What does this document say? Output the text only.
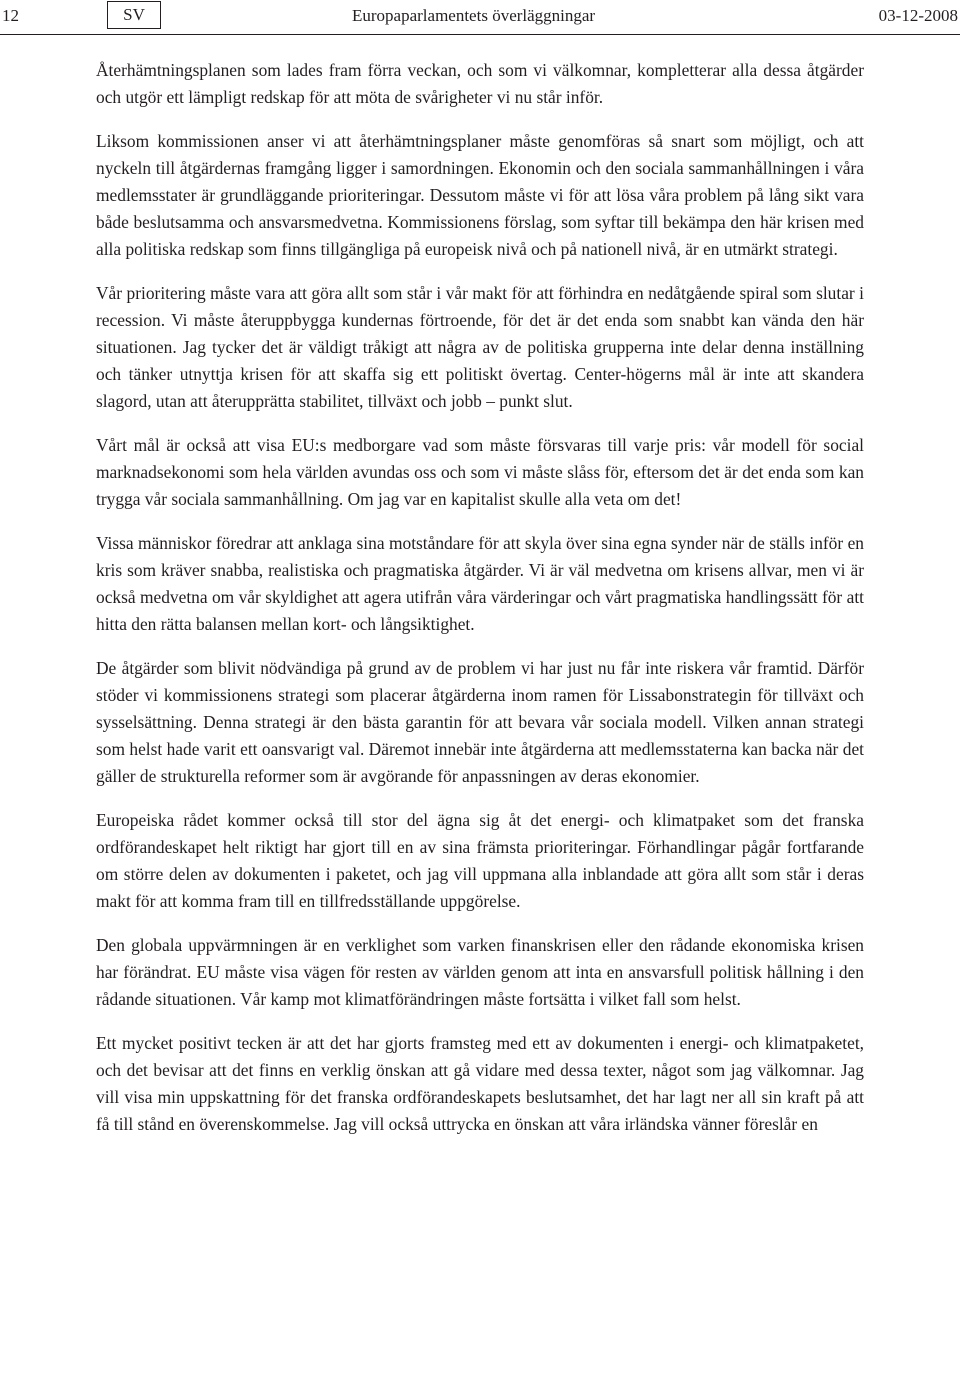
12	SV	Europaparlamentets överläggningar	03-12-2008

Återhämtningsplanen som lades fram förra veckan, och som vi välkomnar, kompletterar alla dessa åtgärder och utgör ett lämpligt redskap för att möta de svårigheter vi nu står inför.

Liksom kommissionen anser vi att återhämtningsplaner måste genomföras så snart som möjligt, och att nyckeln till åtgärdernas framgång ligger i samordningen. Ekonomin och den sociala sammanhållningen i våra medlemsstater är grundläggande prioriteringar. Dessutom måste vi för att lösa våra problem på lång sikt vara både beslutsamma och ansvarsmedvetna. Kommissionens förslag, som syftar till bekämpa den här krisen med alla politiska redskap som finns tillgängliga på europeisk nivå och på nationell nivå, är en utmärkt strategi.

Vår prioritering måste vara att göra allt som står i vår makt för att förhindra en nedåtgående spiral som slutar i recession. Vi måste återuppbygga kundernas förtroende, för det är det enda som snabbt kan vända den här situationen. Jag tycker det är väldigt tråkigt att några av de politiska grupperna inte delar denna inställning och tänker utnyttja krisen för att skaffa sig ett politiskt övertag. Center-högerns mål är inte att skandera slagord, utan att återupprätta stabilitet, tillväxt och jobb – punkt slut.

Vårt mål är också att visa EU:s medborgare vad som måste försvaras till varje pris: vår modell för social marknadsekonomi som hela världen avundas oss och som vi måste slåss för, eftersom det är det enda som kan trygga vår sociala sammanhållning. Om jag var en kapitalist skulle alla veta om det!

Vissa människor föredrar att anklaga sina motståndare för att skyla över sina egna synder när de ställs inför en kris som kräver snabba, realistiska och pragmatiska åtgärder. Vi är väl medvetna om krisens allvar, men vi är också medvetna om vår skyldighet att agera utifrån våra värderingar och vårt pragmatiska handlingssätt för att hitta den rätta balansen mellan kort- och långsiktighet.

De åtgärder som blivit nödvändiga på grund av de problem vi har just nu får inte riskera vår framtid. Därför stöder vi kommissionens strategi som placerar åtgärderna inom ramen för Lissabonstrategin för tillväxt och sysselsättning. Denna strategi är den bästa garantin för att bevara vår sociala modell. Vilken annan strategi som helst hade varit ett oansvarigt val. Däremot innebär inte åtgärderna att medlemsstaterna kan backa när det gäller de strukturella reformer som är avgörande för anpassningen av deras ekonomier.

Europeiska rådet kommer också till stor del ägna sig åt det energi- och klimatpaket som det franska ordförandeskapet helt riktigt har gjort till en av sina främsta prioriteringar. Förhandlingar pågår fortfarande om större delen av dokumenten i paketet, och jag vill uppmana alla inblandade att göra allt som står i deras makt för att komma fram till en tillfredsställande uppgörelse.

Den globala uppvärmningen är en verklighet som varken finanskrisen eller den rådande ekonomiska krisen har förändrat. EU måste visa vägen för resten av världen genom att inta en ansvarsfull politisk hållning i den rådande situationen. Vår kamp mot klimatförändringen måste fortsätta i vilket fall som helst.

Ett mycket positivt tecken är att det har gjorts framsteg med ett av dokumenten i energi- och klimatpaketet, och det bevisar att det finns en verklig önskan att gå vidare med dessa texter, något som jag välkomnar. Jag vill visa min uppskattning för det franska ordförandeskapets beslutsamhet, det har lagt ner all sin kraft på att få till stånd en överenskommelse. Jag vill också uttrycka en önskan att våra irländska vänner föreslår en
